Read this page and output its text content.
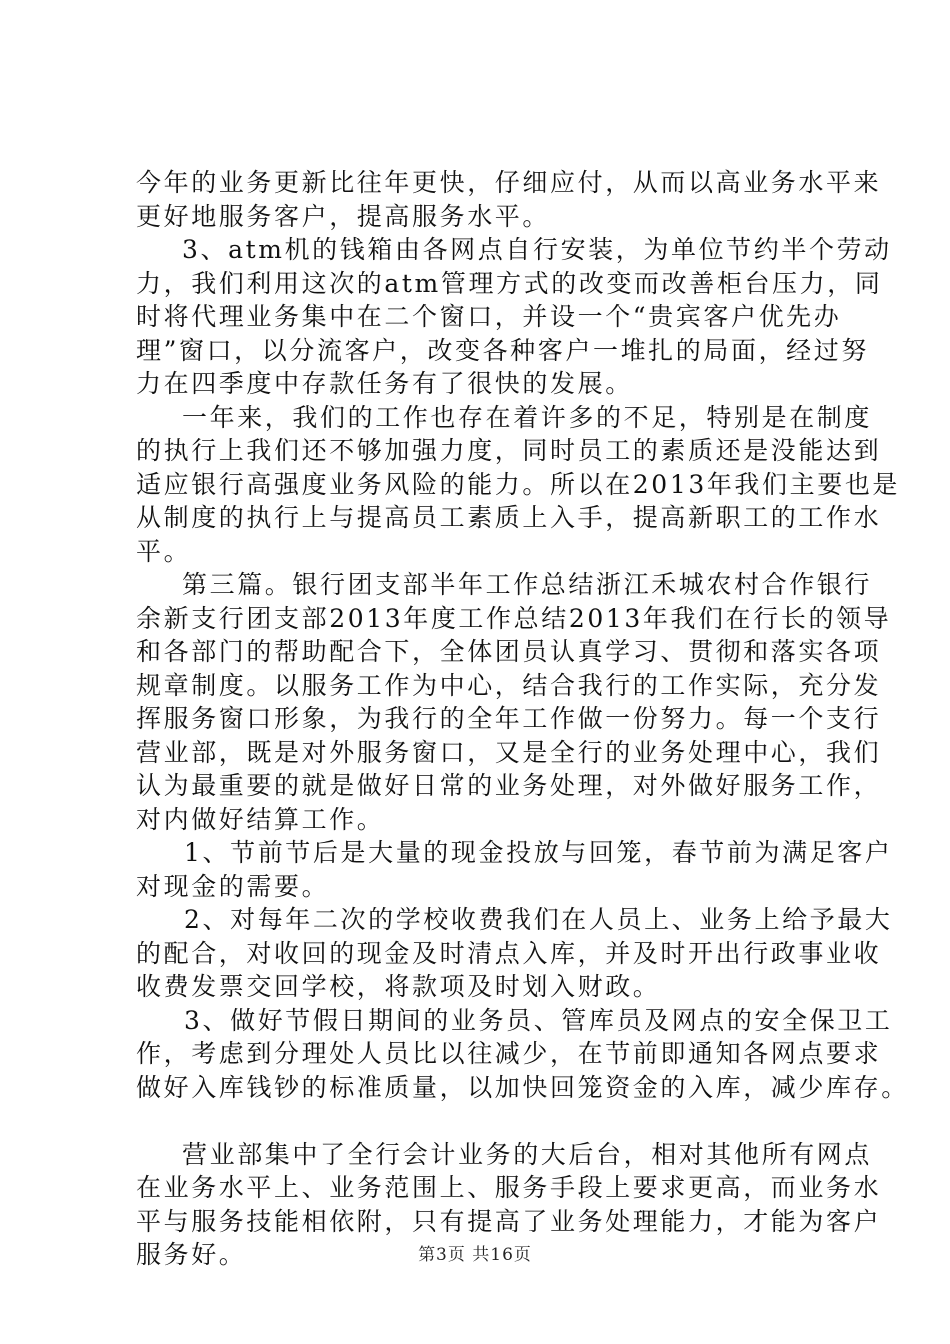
今年的业务更新比往年更快，仔细应付，从而以高业务水平来
更好地服务客户，提高服务水平。
3、atm机的钱箱由各网点自行安装，为单位节约半个劳动
力，我们利用这次的atm管理方式的改变而改善柜台压力，同
时将代理业务集中在二个窗口，并设一个“贵宾客户优先办
理”窗口，以分流客户，改变各种客户一堆扎的局面，经过努
力在四季度中存款任务有了很快的发展。
一年来，我们的工作也存在着许多的不足，特别是在制度
的执行上我们还不够加强力度，同时员工的素质还是没能达到
适应银行高强度业务风险的能力。所以在2013年我们主要也是
从制度的执行上与提高员工素质上入手，提高新职工的工作水
平。
第三篇。银行团支部半年工作总结浙江禾城农村合作银行
余新支行团支部2013年度工作总结2013年我们在行长的领导
和各部门的帮助配合下，全体团员认真学习、贯彻和落实各项
规章制度。以服务工作为中心，结合我行的工作实际，充分发
挥服务窗口形象，为我行的全年工作做一份努力。每一个支行
营业部，既是对外服务窗口，又是全行的业务处理中心，我们
认为最重要的就是做好日常的业务处理，对外做好服务工作，
对内做好结算工作。
1、节前节后是大量的现金投放与回笼，春节前为满足客户
对现金的需要。
2、对每年二次的学校收费我们在人员上、业务上给予最大
的配合，对收回的现金及时清点入库，并及时开出行政事业收
收费发票交回学校，将款项及时划入财政。
3、做好节假日期间的业务员、管库员及网点的安全保卫工
作，考虑到分理处人员比以往减少，在节前即通知各网点要求
做好入库钱钞的标准质量，以加快回笼资金的入库，减少库存。
营业部集中了全行会计业务的大后台，相对其他所有网点
在业务水平上、业务范围上、服务手段上要求更高，而业务水
平与服务技能相依附，只有提高了业务处理能力，才能为客户
服务好。	第3页 共16页
